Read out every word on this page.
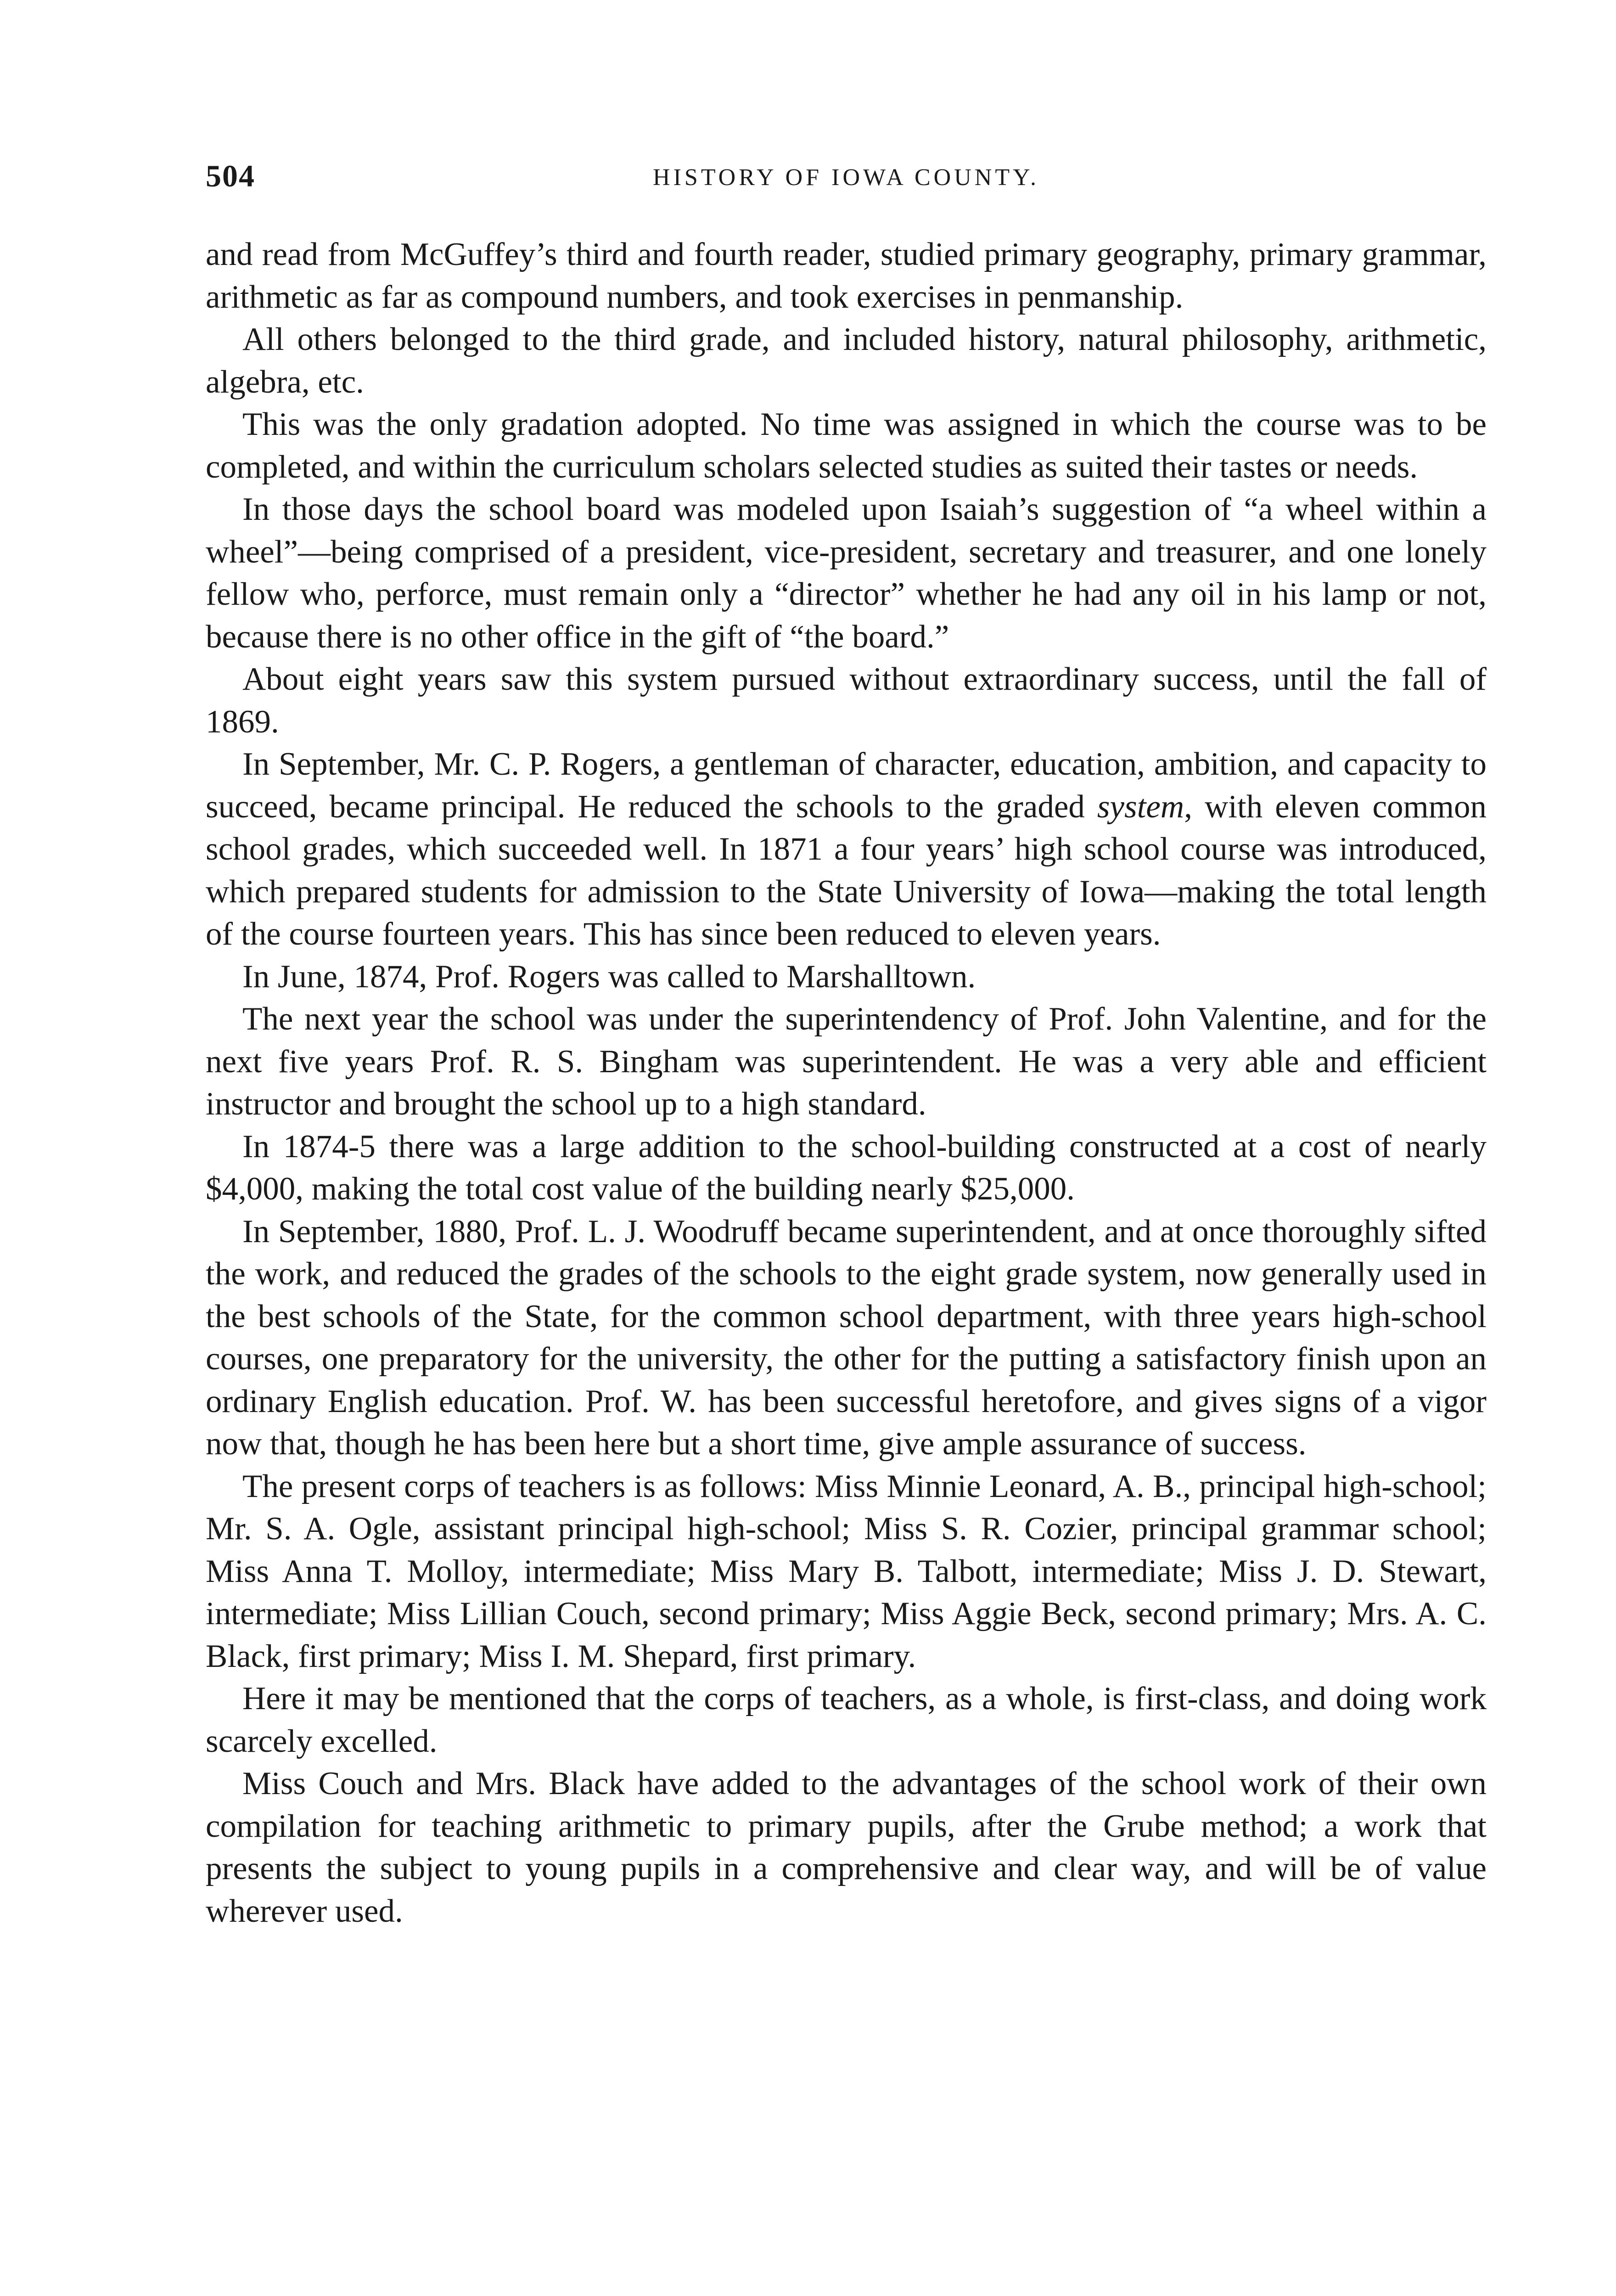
504	HISTORY OF IOWA COUNTY.

and read from McGuffey’s third and fourth reader, studied primary geography, primary grammar, arithmetic as far as compound numbers, and took exercises in penmanship.

All others belonged to the third grade, and included history, natural philosophy, arithmetic, algebra, etc.

This was the only gradation adopted. No time was assigned in which the course was to be completed, and within the curriculum scholars selected studies as suited their tastes or needs.

In those days the school board was modeled upon Isaiah’s suggestion of “a wheel within a wheel”—being comprised of a president, vice-president, secretary and treasurer, and one lonely fellow who, perforce, must remain only a “director” whether he had any oil in his lamp or not, because there is no other office in the gift of “the board.”

About eight years saw this system pursued without extraordinary success, until the fall of 1869.

In September, Mr. C. P. Rogers, a gentleman of character, education, ambition, and capacity to succeed, became principal. He reduced the schools to the graded system, with eleven common school grades, which succeeded well. In 1871 a four years’ high school course was introduced, which prepared students for admission to the State University of Iowa—making the total length of the course fourteen years. This has since been reduced to eleven years.

In June, 1874, Prof. Rogers was called to Marshalltown.

The next year the school was under the superintendency of Prof. John Valentine, and for the next five years Prof. R. S. Bingham was superintendent. He was a very able and efficient instructor and brought the school up to a high standard.

In 1874-5 there was a large addition to the school-building constructed at a cost of nearly $4,000, making the total cost value of the building nearly $25,000.

In September, 1880, Prof. L. J. Woodruff became superintendent, and at once thoroughly sifted the work, and reduced the grades of the schools to the eight grade system, now generally used in the best schools of the State, for the common school department, with three years high-school courses, one preparatory for the university, the other for the putting a satisfactory finish upon an ordinary English education. Prof. W. has been successful heretofore, and gives signs of a vigor now that, though he has been here but a short time, give ample assurance of success.

The present corps of teachers is as follows: Miss Minnie Leonard, A. B., principal high-school; Mr. S. A. Ogle, assistant principal high-school; Miss S. R. Cozier, principal grammar school; Miss Anna T. Molloy, intermediate; Miss Mary B. Talbott, intermediate; Miss J. D. Stewart, intermediate; Miss Lillian Couch, second primary; Miss Aggie Beck, second primary; Mrs. A. C. Black, first primary; Miss I. M. Shepard, first primary.

Here it may be mentioned that the corps of teachers, as a whole, is first-class, and doing work scarcely excelled.

Miss Couch and Mrs. Black have added to the advantages of the school work of their own compilation for teaching arithmetic to primary pupils, after the Grube method; a work that presents the subject to young pupils in a comprehensive and clear way, and will be of value wherever used.
